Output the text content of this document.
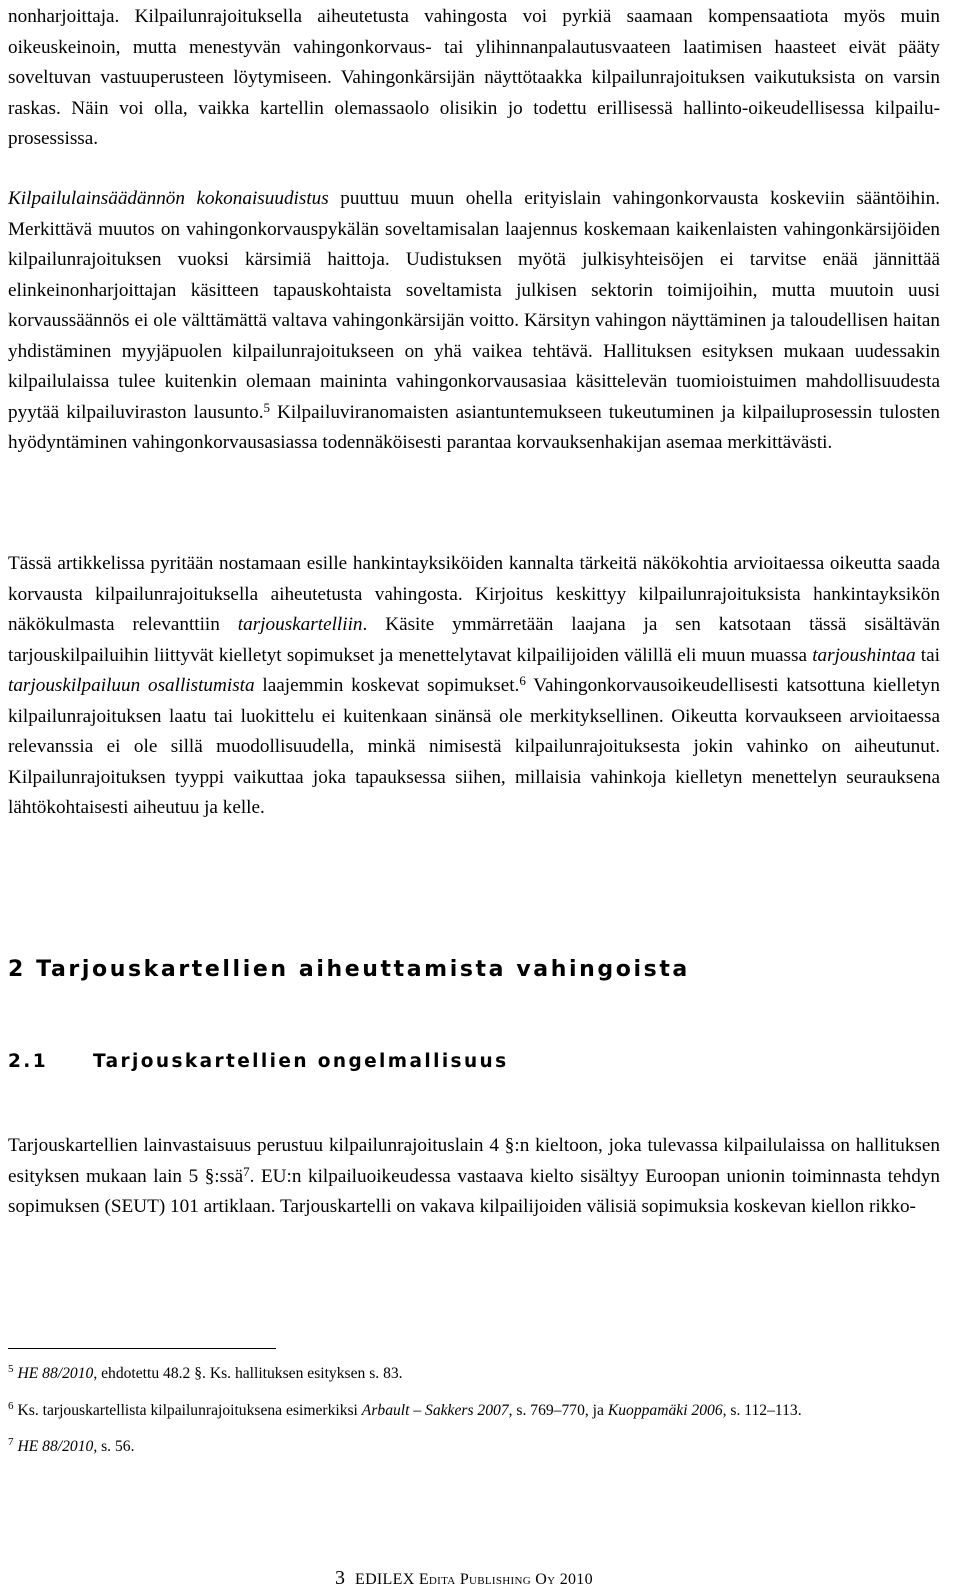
nonharjoittaja. Kilpailunrajoituksella aiheutetusta vahingosta voi pyrkiä saamaan kompensaatiota myös muin oikeuskeinoin, mutta menestyvän vahingonkorvaus- tai ylihinnanpalautusvaateen laatimisen haasteet eivät pääty soveltuvan vastuuperusteen löytymiseen. Vahingonkärsijän näyttötaakka kilpailunrajoituksen vaikutuksista on varsin raskas. Näin voi olla, vaikka kartellin olemassaolo olisikin jo todettu erillisessä hallinto-oikeudellisessa kilpailuprosessissa.

Kilpailulainsäädännön kokonaisuudistus puuttuu muun ohella erityislain vahingonkorvausta koskeviin sääntöihin. Merkittävä muutos on vahingonkorvauspykälän soveltamisalan laajennus koskemaan kaikenlaisten vahingonkärsijöiden kilpailunrajoituksen vuoksi kärsimiä haittoja. Uudistuksen myötä julkisyhteisöjen ei tarvitse enää jännittää elinkeinonharjoittajan käsitteen tapauskohtaista soveltamista julkisen sektorin toimijoihin, mutta muutoin uusi korvaussäännös ei ole välttämättä valtava vahingonkärsijän voitto. Kärsityn vahingon näyttäminen ja taloudellisen haitan yhdistäminen myyjäpuolen kilpailunrajoitukseen on yhä vaikea tehtävä. Hallituksen esityksen mukaan uudessakin kilpailulaissa tulee kuitenkin olemaan maininta vahingonkorvausasiaa käsittelevän tuomioistuimen mahdollisuudesta pyytää kilpailuviraston lausunto.$^5$ Kilpailuviranomaisten asiantuntemukseen tukeutuminen ja kilpailuprosessin tulosten hyödyntäminen vahingonkorvausasiassa todennäköisesti parantaa korvauksenhakijan asemaa merkittävästi.

Tässä artikkelissa pyritään nostamaan esille hankintayksiköiden kannalta tärkeitä näkökohtia arvioitaessa oikeutta saada korvausta kilpailunrajoituksella aiheutetusta vahingosta. Kirjoitus keskittyy kilpailunrajoituksista hankintayksikön näkökulmasta relevanttiin tarjouskartelliin. Käsite ymmärretään laajana ja sen katsotaan tässä sisältävän tarjouskilpailuihin liittyvät kielletyt sopimukset ja menettelytavat kilpailijoiden välillä eli muun muassa tarjoushintaa tai tarjouskilpailuun osallistumista laajemmin koskevat sopimukset.$^6$ Vahingonkorvausoikeudellisesti katsottuna kielletyn kilpailunrajoituksen laatu tai luokittelu ei kuitenkaan sinänsä ole merkityksellinen. Oikeutta korvaukseen arvioitaessa relevanssia ei ole sillä muodollisuudella, minkä nimisestä kilpailunrajoituksesta jokin vahinko on aiheutunut. Kilpailunrajoituksen tyyppi vaikuttaa joka tapauksessa siihen, millaisia vahinkoja kielletyn menettelyn seurauksena lähtökohtaisesti aiheutuu ja kelle.

2 Tarjouskartellien aiheuttamista vahingoista
2.1 Tarjouskartellien ongelmallisuus

Tarjouskartellien lainvastaisuus perustuu kilpailunrajoituslain 4 §:n kieltoon, joka tulevassa kilpailulaissa on hallituksen esityksen mukaan lain 5 §:ssä$^7$. EU:n kilpailuoikeudessa vastaava kielto sisältyy Euroopan unionin toiminnasta tehdyn sopimuksen (SEUT) 101 artiklaan. Tarjouskartelli on vakava kilpailijoiden välisiä sopimuksia koskevan kiellon rikko-

$^5$ HE 88/2010, ehdotettu 48.2 §. Ks. hallituksen esityksen s. 83.

$^6$ Ks. tarjouskartellista kilpailunrajoituksena esimerkiksi Arbault – Sakkers 2007, s. 769–770, ja Kuoppamäki 2006, s. 112–113.

$^7$ HE 88/2010, s. 56.

3 EDILEX Edita Publishing Oy 2010
